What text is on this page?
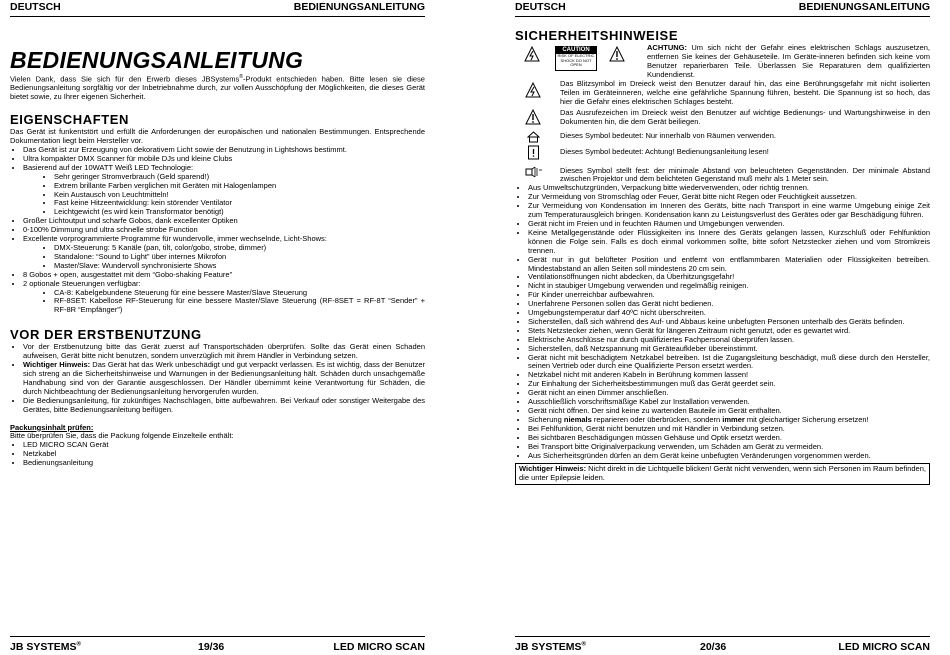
DEUTSCH	BEDIENUNGSANLEITUNG
BEDIENUNGSANLEITUNG

Vielen Dank, dass Sie sich für den Erwerb dieses JBSystems®-Produkt entschieden haben. Bitte lesen sie diese Bedienungsanleitung sorgfältig vor der Inbetriebnahme durch, zur vollen Ausschöpfung der Möglichkeiten, die dieses Gerät bietet sowie, zu Ihrer eigenen Sicherheit.

EIGENSCHAFTEN

Das Gerät ist funkentstört und erfüllt die Anforderungen der europäischen und nationalen Bestimmungen. Entsprechende Dokumentation liegt beim Hersteller vor.

• Das Gerät ist zur Erzeugung von dekorativem Licht sowie der Benutzung in Lightshows bestimmt.
• Ultra kompakter DMX Scanner für mobile DJs und kleine Clubs
• Basierend auf der 10WATT Weiß LED Technologie:
• Sehr geringer Stromverbrauch (Geld sparend!)
• Extrem brillante Farben verglichen mit Geräten mit Halogenlampen
• Kein Austausch von Leuchtmitteln!
• Fast keine Hitzeentwicklung: kein störender Ventilator
• Leichtgewicht (es wird kein Transformator benötigt)
• Großer Lichtoutput und scharfe Gobos, dank excellenter Optiken
• 0-100% Dimmung und ultra schnelle strobe Function
• Excellente vorprogrammierte Programme für wundervolle, immer wechselnde, Licht-Shows:
• DMX-Steuerung: 5 Kanäle (pan, tilt, color/gobo, strobe, dimmer)
• Standalone: “Sound to Light” über internes Mikrofon
• Master/Slave: Wundervoll synchronisierte Shows
• 8 Gobos + open, ausgestattet mit dem “Gobo-shaking Feature”
• 2 optionale Steuerungen verfügbar:
• CA-8: Kabelgebundene Steuerung für eine bessere Master/Slave Steuerung
• RF-8SET: Kabellose RF-Steuerung für eine bessere Master/Slave Steuerung (RF-8SET = RF-8T “Sender” + RF-8R “Empfänger”)
VOR DER ERSTBENUTZUNG
• Vor der Erstbenutzung bitte das Gerät zuerst auf Transportschäden überprüfen. Sollte das Gerät einen Schaden aufweisen, Gerät bitte nicht benutzen, sondern unverzüglich mit ihrem Händler in Verbindung setzen.
• Wichtiger Hinweis: Das Gerät hat das Werk unbeschädigt und gut verpackt verlassen. Es ist wichtig, dass der Benutzer sich streng an die Sicherheitshinweise und Warnungen in der Bedienungsanleitung hält. Schäden durch unsachgemäße Handhabung sind von der Garantie ausgeschlossen. Der Händler übernimmt keine Verantwortung für Schäden, die durch Nichtbeachtung der Bedienungsanleitung hervorgerufen wurden.
• Die Bedienungsanleitung, für zukünftiges Nachschlagen, bitte aufbewahren. Bei Verkauf oder sonstiger Weitergabe des Gerätes, bitte Bedienungsanleitung beifügen.
Packungsinhalt prüfen:

Bitte überprüfen Sie, dass die Packung folgende Einzelteile enthält:

• LED MICRO SCAN Gerät
• Netzkabel
• Bedienungsanleitung
JB SYSTEMS®	19/36	LED MICRO SCAN
DEUTSCH	BEDIENUNGSANLEITUNG
SICHERHEITSHINWEISE
CAUTION
RISK OF ELECTRIC SHOCK DO NOT OPEN

ACHTUNG: Um sich nicht der Gefahr eines elektrischen Schlags auszusetzen, entfernen Sie keines der Gehäuseteile. Im Geräte-inneren befinden sich keine vom Benutzer reparierbaren Teile. Überlassen Sie Reparaturen dem qualifizierten Kundendienst.

Das Blitzsymbol im Dreieck weist den Benutzer darauf hin, das eine Berührungsgefahr mit nicht isolierten Teilen im Geräteinneren, welche eine gefährliche Spannung führen, besteht. Die Spannung ist so hoch, das hier die Gefahr eines elektrischen Schlages besteht.

Das Ausrufezeichen im Dreieck weist den Benutzer auf wichtige Bedienungs- und Wartungshinweise in den Dokumenten hin, die dem Gerät beiliegen.

Dieses Symbol bedeutet: Nur innerhalb von Räumen verwenden.

Dieses Symbol bedeutet: Achtung! Bedienungsanleitung lesen!

Dieses Symbol stellt fest: der minimale Abstand von beleuchteten Gegenständen. Der minimale Abstand zwischen Projektor und dem belichteten Gegenstand muß mehr als 1 Meter sein.

• Aus Umweltschutzgründen, Verpackung bitte wiederverwenden, oder richtig trennen.
• Zur Vermeidung von Stromschlag oder Feuer, Gerät bitte nicht Regen oder Feuchtigkeit aussetzen.
• Zur Vermeidung von Kondensation im Inneren des Geräts, bitte nach Transport in eine warme Umgebung einige Zeit zum Temperaturausgleich bringen. Kondensation kann zu Leistungsverlust des Gerätes oder gar Beschädigung führen.
• Gerät nicht im Freien und in feuchten Räumen und Umgebungen verwenden.
• Keine Metallgegenstände oder Flüssigkeiten ins Innere des Geräts gelangen lassen, Kurzschluß oder Fehlfunktion können die Folge sein. Falls es doch einmal vorkommen sollte, bitte sofort Netzstecker ziehen und vom Stromkreis trennen.
• Gerät nur in gut belüfteter Position und entfernt von entflammbaren Materialien oder Flüssigkeiten betreiben. Mindestabstand an allen Seiten soll mindestens 20 cm sein.
• Ventilationsöffnungen nicht abdecken, da Überhitzungsgefahr!
• Nicht in staubiger Umgebung verwenden und regelmäßig reinigen.
• Für Kinder unerreichbar aufbewahren.
• Unerfahrene Personen sollen das Gerät nicht bedienen.
• Umgebungstemperatur darf 40ºC nicht überschreiten.
• Sicherstellen, daß sich während des Auf- und Abbaus keine unbefugten Personen unterhalb des Geräts befinden.
• Stets Netzstecker ziehen, wenn Gerät für längeren Zeitraum nicht genutzt, oder es gewartet wird.
• Elektrische Anschlüsse nur durch qualifiziertes Fachpersonal überprüfen lassen.
• Sicherstellen, daß Netzspannung mit Geräteaufkleber übereinstimmt.
• Gerät nicht mit beschädigtem Netzkabel betreiben. Ist die Zugangsleitung beschädigt, muß diese durch den Hersteller, seinen Vertrieb oder durch eine Qualifizierte Person ersetzt werden.
• Netzkabel nicht mit anderen Kabeln in Berührung kommen lassen!
• Zur Einhaltung der Sicherheitsbestimmungen muß das Gerät geerdet sein.
• Gerät nicht an einen Dimmer anschließen.
• Ausschließlich vorschriftsmäßige Kabel zur Installation verwenden.
• Gerät nicht öffnen. Der sind keine zu wartenden Bauteile im Gerät enthalten.
• Sicherung niemals reparieren oder überbrücken, sondern immer mit gleichartiger Sicherung ersetzen!
• Bei Fehlfunktion, Gerät nicht benutzen und mit Händler in Verbindung setzen.
• Bei sichtbaren Beschädigungen müssen Gehäuse und Optik ersetzt werden.
• Bei Transport bitte Originalverpackung verwenden, um Schäden am Gerät zu vermeiden.
• Aus Sicherheitsgründen dürfen an dem Gerät keine unbefugten Veränderungen vorgenommen werden.
Wichtiger Hinweis: Nicht direkt in die Lichtquelle blicken! Gerät nicht verwenden, wenn sich Personen im Raum befinden, die unter Epilepsie leiden.
JB SYSTEMS®	20/36	LED MICRO SCAN
